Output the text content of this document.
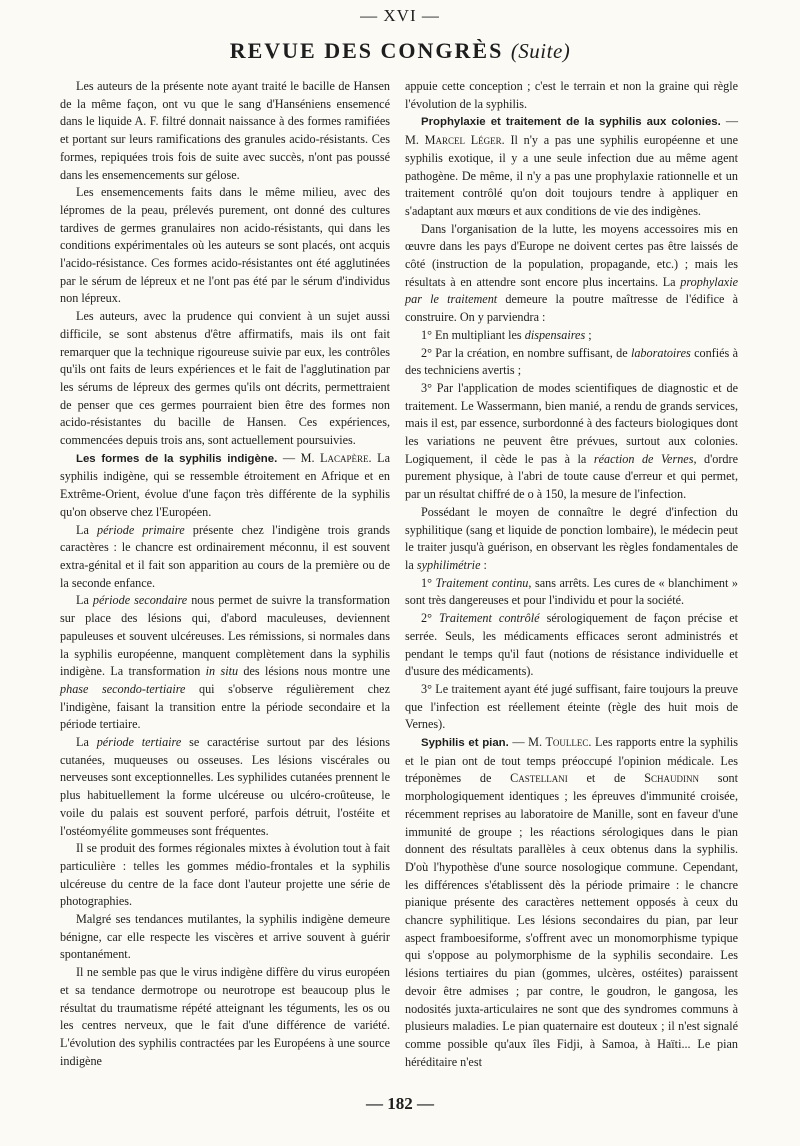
— XVI —
REVUE DES CONGRÈS (Suite)

Les auteurs de la présente note ayant traité le bacille de Hansen de la même façon, ont vu que le sang d'Hanséniens ensemencé dans le liquide A. F. filtré donnait naissance à des formes ramifiées et portant sur leurs ramifications des granules acido-résistants. Ces formes, repiquées trois fois de suite avec succès, n'ont pas poussé dans les ensemencements sur gélose.

Les ensemencements faits dans le même milieu, avec des lépromes de la peau, prélevés purement, ont donné des cultures tardives de germes granulaires non acido-résistants, qui dans les conditions expérimentales où les auteurs se sont placés, ont acquis l'acido-résistance. Ces formes acido-résistantes ont été agglutinées par le sérum de lépreux et ne l'ont pas été par le sérum d'individus non lépreux.

Les auteurs, avec la prudence qui convient à un sujet aussi difficile, se sont abstenus d'être affirmatifs, mais ils ont fait remarquer que la technique rigoureuse suivie par eux, les contrôles qu'ils ont faits de leurs expériences et le fait de l'agglutination par les sérums de lépreux des germes qu'ils ont décrits, permettraient de penser que ces germes pourraient bien être des formes non acido-résistantes du bacille de Hansen. Ces expériences, commencées depuis trois ans, sont actuellement poursuivies.

Les formes de la syphilis indigène. — M. Lacapère. La syphilis indigène, qui se ressemble étroitement en Afrique et en Extrême-Orient, évolue d'une façon très différente de la syphilis qu'on observe chez l'Européen.

La période primaire présente chez l'indigène trois grands caractères : le chancre est ordinairement méconnu, il est souvent extra-génital et il fait son apparition au cours de la première ou de la seconde enfance.

La période secondaire nous permet de suivre la transformation sur place des lésions qui, d'abord maculeuses, deviennent papuleuses et souvent ulcéreuses. Les rémissions, si normales dans la syphilis européenne, manquent complètement dans la syphilis indigène. La transformation in situ des lésions nous montre une phase secondo-tertiaire qui s'observe régulièrement chez l'indigène, faisant la transition entre la période secondaire et la période tertiaire.

La période tertiaire se caractérise surtout par des lésions cutanées, muqueuses ou osseuses. Les lésions viscérales ou nerveuses sont exceptionnelles. Les syphilides cutanées prennent le plus habituellement la forme ulcéreuse ou ulcéro-croûteuse, le voile du palais est souvent perforé, parfois détruit, l'ostéite et l'ostéomyélite gommeuses sont fréquentes.

Il se produit des formes régionales mixtes à évolution tout à fait particulière : telles les gommes médio-frontales et la syphilis ulcéreuse du centre de la face dont l'auteur projette une série de photographies.

Malgré ses tendances mutilantes, la syphilis indigène demeure bénigne, car elle respecte les viscères et arrive souvent à guérir spontanément.

Il ne semble pas que le virus indigène diffère du virus européen et sa tendance dermotrope ou neurotrope est beaucoup plus le résultat du traumatisme répété atteignant les téguments, les os ou les centres nerveux, que le fait d'une différence de variété. L'évolution des syphilis contractées par les Européens à une source indigène

appuie cette conception ; c'est le terrain et non la graine qui règle l'évolution de la syphilis.

Prophylaxie et traitement de la syphilis aux colonies. — M. Marcel Léger. Il n'y a pas une syphilis européenne et une syphilis exotique, il y a une seule infection due au même agent pathogène. De même, il n'y a pas une prophylaxie rationnelle et un traitement contrôlé qu'on doit toujours tendre à appliquer en s'adaptant aux mœurs et aux conditions de vie des indigènes.

Dans l'organisation de la lutte, les moyens accessoires mis en œuvre dans les pays d'Europe ne doivent certes pas être laissés de côté (instruction de la population, propagande, etc.) ; mais les résultats à en attendre sont encore plus incertains. La prophylaxie par le traitement demeure la poutre maîtresse de l'édifice à construire. On y parviendra :

1° En multipliant les dispensaires ;

2° Par la création, en nombre suffisant, de laboratoires confiés à des techniciens avertis ;

3° Par l'application de modes scientifiques de diagnostic et de traitement. Le Wassermann, bien manié, a rendu de grands services, mais il est, par essence, surbordonné à des facteurs biologiques dont les variations ne peuvent être prévues, surtout aux colonies. Logiquement, il cède le pas à la réaction de Vernes, d'ordre purement physique, à l'abri de toute cause d'erreur et qui permet, par un résultat chiffré de o à 150, la mesure de l'infection.

Possédant le moyen de connaître le degré d'infection du syphilitique (sang et liquide de ponction lombaire), le médecin peut le traiter jusqu'à guérison, en observant les règles fondamentales de la syphilimétrie :

1° Traitement continu, sans arrêts. Les cures de « blanchiment » sont très dangereuses et pour l'individu et pour la société.

2° Traitement contrôlé sérologiquement de façon précise et serrée. Seuls, les médicaments efficaces seront administrés et pendant le temps qu'il faut (notions de résistance individuelle et d'usure des médicaments).

3° Le traitement ayant été jugé suffisant, faire toujours la preuve que l'infection est réellement éteinte (règle des huit mois de Vernes).

Syphilis et pian. — M. Toullec. Les rapports entre la syphilis et le pian ont de tout temps préoccupé l'opinion médicale. Les tréponèmes de Castellani et de Schaudinn sont morphologiquement identiques ; les épreuves d'immunité croisée, récemment reprises au laboratoire de Manille, sont en faveur d'une immunité de groupe ; les réactions sérologiques dans le pian donnent des résultats parallèles à ceux obtenus dans la syphilis. D'où l'hypothèse d'une source nosologique commune. Cependant, les différences s'établissent dès la période primaire : le chancre pianique présente des caractères nettement opposés à ceux du chancre syphilitique. Les lésions secondaires du pian, par leur aspect framboesiforme, s'offrent avec un monomorphisme typique qui s'oppose au polymorphisme de la syphilis secondaire. Les lésions tertiaires du pian (gommes, ulcères, ostéites) paraissent devoir être admises ; par contre, le goudron, le gangosa, les nodosités juxta-articulaires ne sont que des syndromes communs à plusieurs maladies. Le pian quaternaire est douteux ; il n'est signalé comme possible qu'aux îles Fidji, à Samoa, à Haïti... Le pian héréditaire n'est

— 182 —
